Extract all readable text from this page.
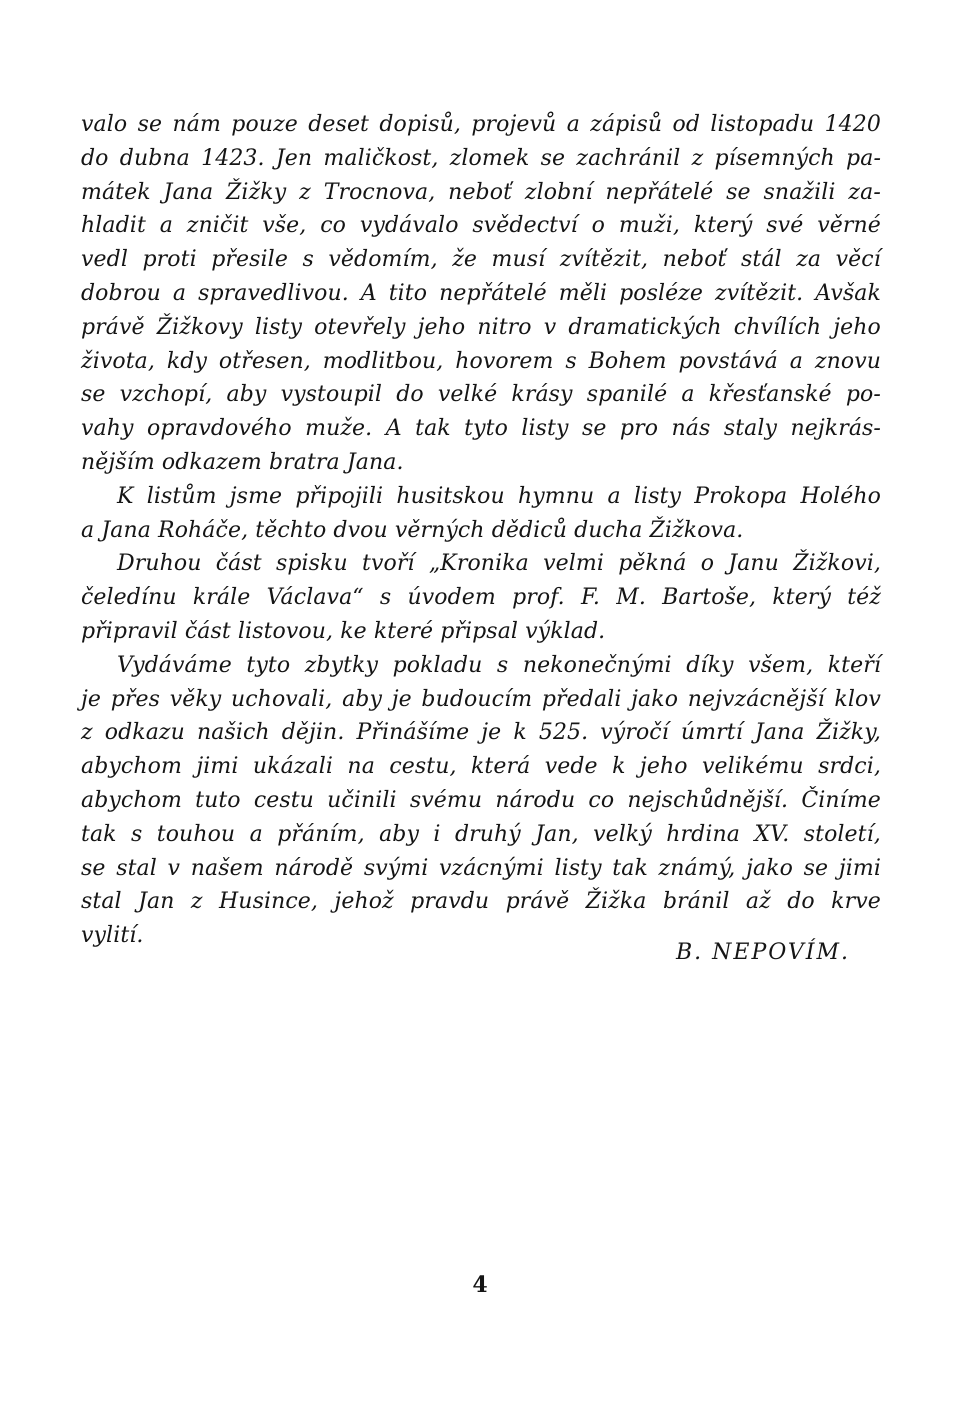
valo se nám pouze deset dopisů, projevů a zápisů od listopadu 1420
do dubna 1423. Jen maličkost, zlomek se zachránil z písemných pa-
mátek Jana Žižky z Trocnova, neboť zlobní nepřátelé se snažili za-
hladit a zničit vše, co vydávalo svědectví o muži, který své věrné
vedl proti přesile s vědomím, že musí zvítězit, neboť stál za věcí
dobrou a spravedlivou. A tito nepřátelé měli posléze zvítězit. Avšak
právě Žižkovy listy otevřely jeho nitro v dramatických chvílích jeho
života, kdy otřesen, modlitbou, hovorem s Bohem povstává a znovu
se vzchopí, aby vystoupil do velké krásy spanilé a křesťanské po-
vahy opravdového muže. A tak tyto listy se pro nás staly nejkrás-
nějším odkazem bratra Jana.
K listům jsme připojili husitskou hymnu a listy Prokopa Holého
a Jana Roháče, těchto dvou věrných dědiců ducha Žižkova.
Druhou část spisku tvoří „Kronika velmi pěkná o Janu Žižkovi,
čeledínu krále Václava“ s úvodem prof. F. M. Bartoše, který též
připravil část listovou, ke které připsal výklad.
Vydáváme tyto zbytky pokladu s nekonečnými díky všem, kteří
je přes věky uchovali, aby je budoucím předali jako nejvzácnější klov
z odkazu našich dějin. Přinášíme je k 525. výročí úmrtí Jana Žižky,
abychom jimi ukázali na cestu, která vede k jeho velikému srdci,
abychom tuto cestu učinili svému národu co nejschůdnější. Činíme
tak s touhou a přáním, aby i druhý Jan, velký hrdina XV. století,
se stal v našem národě svými vzácnými listy tak známý, jako se jimi
stal Jan z Husince, jehož pravdu právě Žižka bránil až do krve
vylití.
B. NEPOVÍM.
4
